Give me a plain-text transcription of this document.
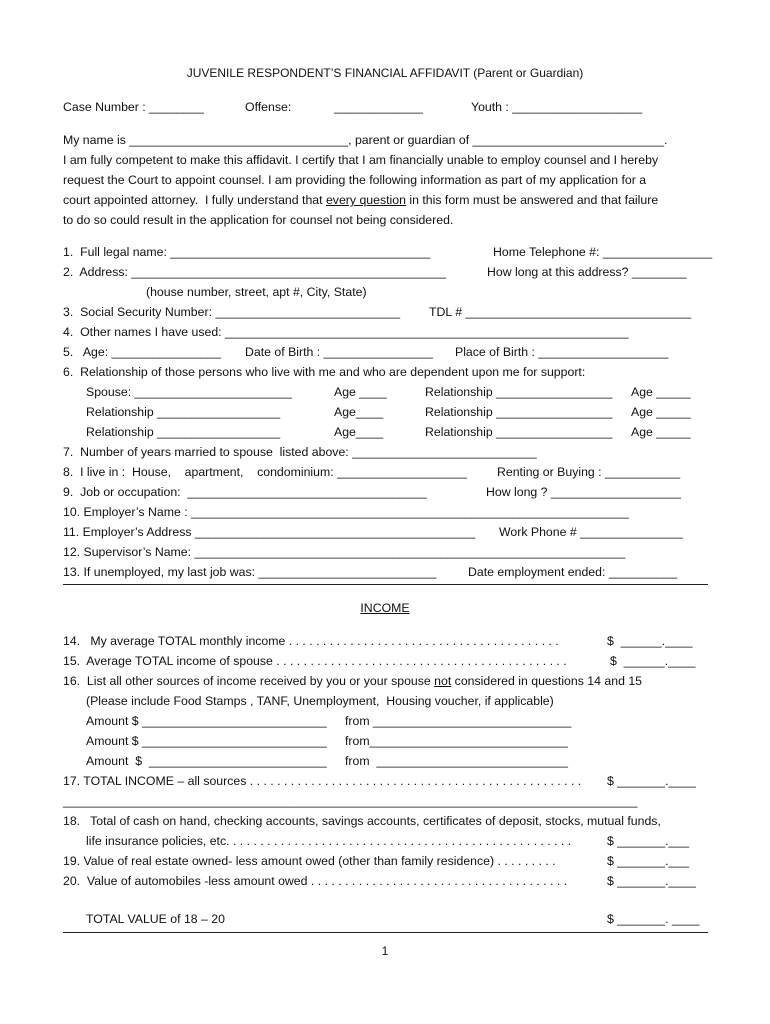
JUVENILE RESPONDENT’S FINANCIAL AFFIDAVIT (Parent or Guardian)
Case Number : ________	Offense:	_____________	Youth : ___________________
My name is ________________________________, parent or guardian of ____________________________.
I am fully competent to make this affidavit. I certify that I am financially unable to employ counsel and I hereby
request the Court to appoint counsel. I am providing the following information as part of my application for a
court appointed attorney.  I fully understand that every question in this form must be answered and that failure
to do so could result in the application for counsel not being considered.
1.  Full legal name: ______________________________________	Home Telephone #: ________________
2.  Address: ______________________________________________	How long at this address? ________
(house number, street, apt #, City, State)
3.  Social Security Number: ___________________________ TDL # _________________________________
4.  Other names I have used: ___________________________________________________________
5.   Age: ________________ Date of Birth : ________________ Place of Birth : ___________________
6.  Relationship of those persons who live with me and who are dependent upon me for support:
Spouse: _______________________	Age ____	Relationship _________________ Age _____
Relationship __________________	Age____	Relationship _________________ Age _____
Relationship __________________	Age____	Relationship _________________ Age _____
7.  Number of years married to spouse  listed above: ___________________________
8.  I live in :  House,    apartment,    condominium: ___________________ Renting or Buying : ___________
9.  Job or occupation:  ___________________________________	How long ? ___________________
10. Employer’s Name : ________________________________________________________________
11. Employer’s Address _________________________________________ Work Phone # _______________
12. Supervisor’s Name: _______________________________________________________________
13. If unemployed, my last job was: __________________________	Date employment ended: __________
INCOME
14.   My average TOTAL monthly income . . . . . . . . . . . . . . . . . . . . . . . . . . . . . . . . . . . . . . . .	$  ______.____
15.  Average TOTAL income of spouse . . . . . . . . . . . . . . . . . . . . . . . . . . . . . . . . . . . . . . . . . . .	$  ______.____
16.  List all other sources of income received by you or your spouse not considered in questions 14 and 15
(Please include Food Stamps , TANF, Unemployment,  Housing voucher, if applicable)
Amount $ ___________________________ from _____________________________
Amount $ ___________________________ from_____________________________
Amount  $  __________________________ from  ____________________________
17. TOTAL INCOME – all sources . . . . . . . . . . . . . . . . . . . . . . . . . . . . . . . . . . . . . . . . . . . . . . . . . $ _______.____
____________________________________________________________________________________
18.   Total of cash on hand, checking accounts, savings accounts, certificates of deposit, stocks, mutual funds,
life insurance policies, etc. . . . . . . . . . . . . . . . . . . . . . . . . . . . . . . . . . . . . . . . . . . . . . . . . . .	$ _______.___
19. Value of real estate owned- less amount owed (other than family residence) . . . . . . . . .	$ _______.___
20.  Value of automobiles -less amount owed . . . . . . . . . . . . . . . . . . . . . . . . . . . . . . . . . . . . . .	$ _______.____
TOTAL VALUE of 18 – 20	$ _______. ____
1
